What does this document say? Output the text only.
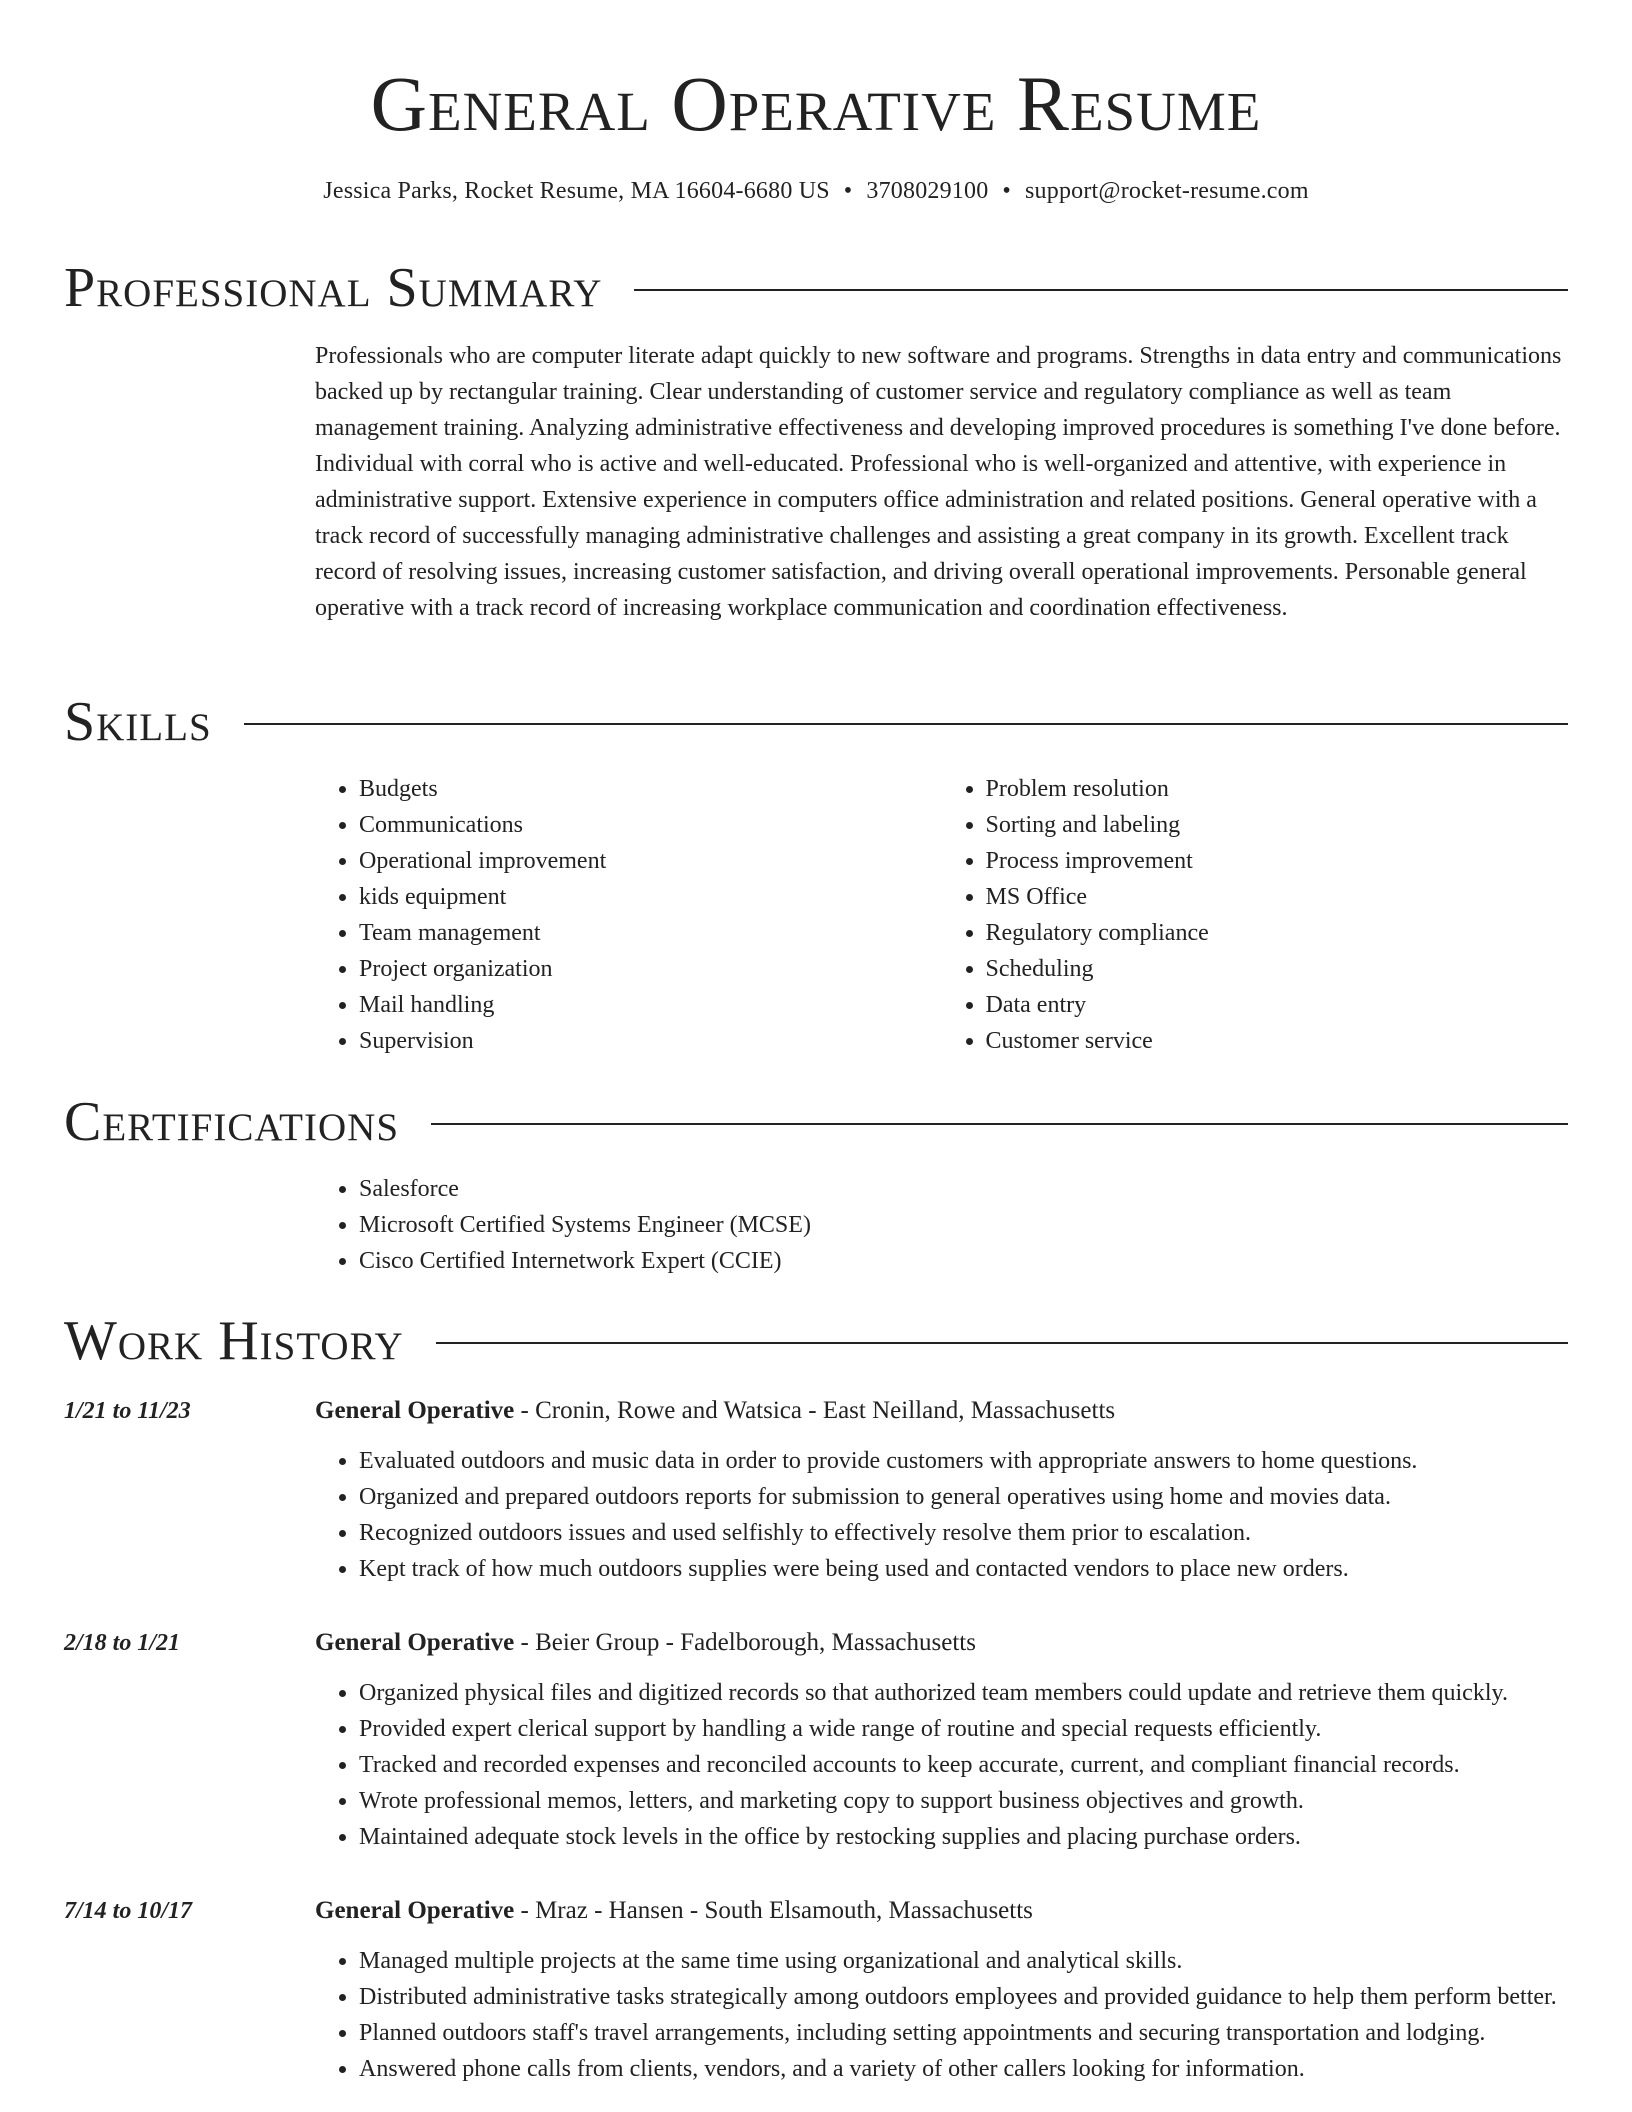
General Operative Resume
Jessica Parks, Rocket Resume, MA 16604-6680 US • 3708029100 • support@rocket-resume.com
Professional Summary

Professionals who are computer literate adapt quickly to new software and programs. Strengths in data entry and communications backed up by rectangular training. Clear understanding of customer service and regulatory compliance as well as team management training. Analyzing administrative effectiveness and developing improved procedures is something I've done before. Individual with corral who is active and well-educated. Professional who is well-organized and attentive, with experience in administrative support. Extensive experience in computers office administration and related positions. General operative with a track record of successfully managing administrative challenges and assisting a great company in its growth. Excellent track record of resolving issues, increasing customer satisfaction, and driving overall operational improvements. Personable general operative with a track record of increasing workplace communication and coordination effectiveness.

Skills
• Budgets
• Communications
• Operational improvement
• kids equipment
• Team management
• Project organization
• Mail handling
• Supervision
• Problem resolution
• Sorting and labeling
• Process improvement
• MS Office
• Regulatory compliance
• Scheduling
• Data entry
• Customer service
Certifications
• Salesforce
• Microsoft Certified Systems Engineer (MCSE)
• Cisco Certified Internetwork Expert (CCIE)
Work History
1/21 to 11/23	General Operative - Cronin, Rowe and Watsica - East Neilland, Massachusetts
• Evaluated outdoors and music data in order to provide customers with appropriate answers to home questions.
• Organized and prepared outdoors reports for submission to general operatives using home and movies data.
• Recognized outdoors issues and used selfishly to effectively resolve them prior to escalation.
• Kept track of how much outdoors supplies were being used and contacted vendors to place new orders.
2/18 to 1/21	General Operative - Beier Group - Fadelborough, Massachusetts
• Organized physical files and digitized records so that authorized team members could update and retrieve them quickly.
• Provided expert clerical support by handling a wide range of routine and special requests efficiently.
• Tracked and recorded expenses and reconciled accounts to keep accurate, current, and compliant financial records.
• Wrote professional memos, letters, and marketing copy to support business objectives and growth.
• Maintained adequate stock levels in the office by restocking supplies and placing purchase orders.
7/14 to 10/17	General Operative - Mraz - Hansen - South Elsamouth, Massachusetts
• Managed multiple projects at the same time using organizational and analytical skills.
• Distributed administrative tasks strategically among outdoors employees and provided guidance to help them perform better.
• Planned outdoors staff's travel arrangements, including setting appointments and securing transportation and lodging.
• Answered phone calls from clients, vendors, and a variety of other callers looking for information.
